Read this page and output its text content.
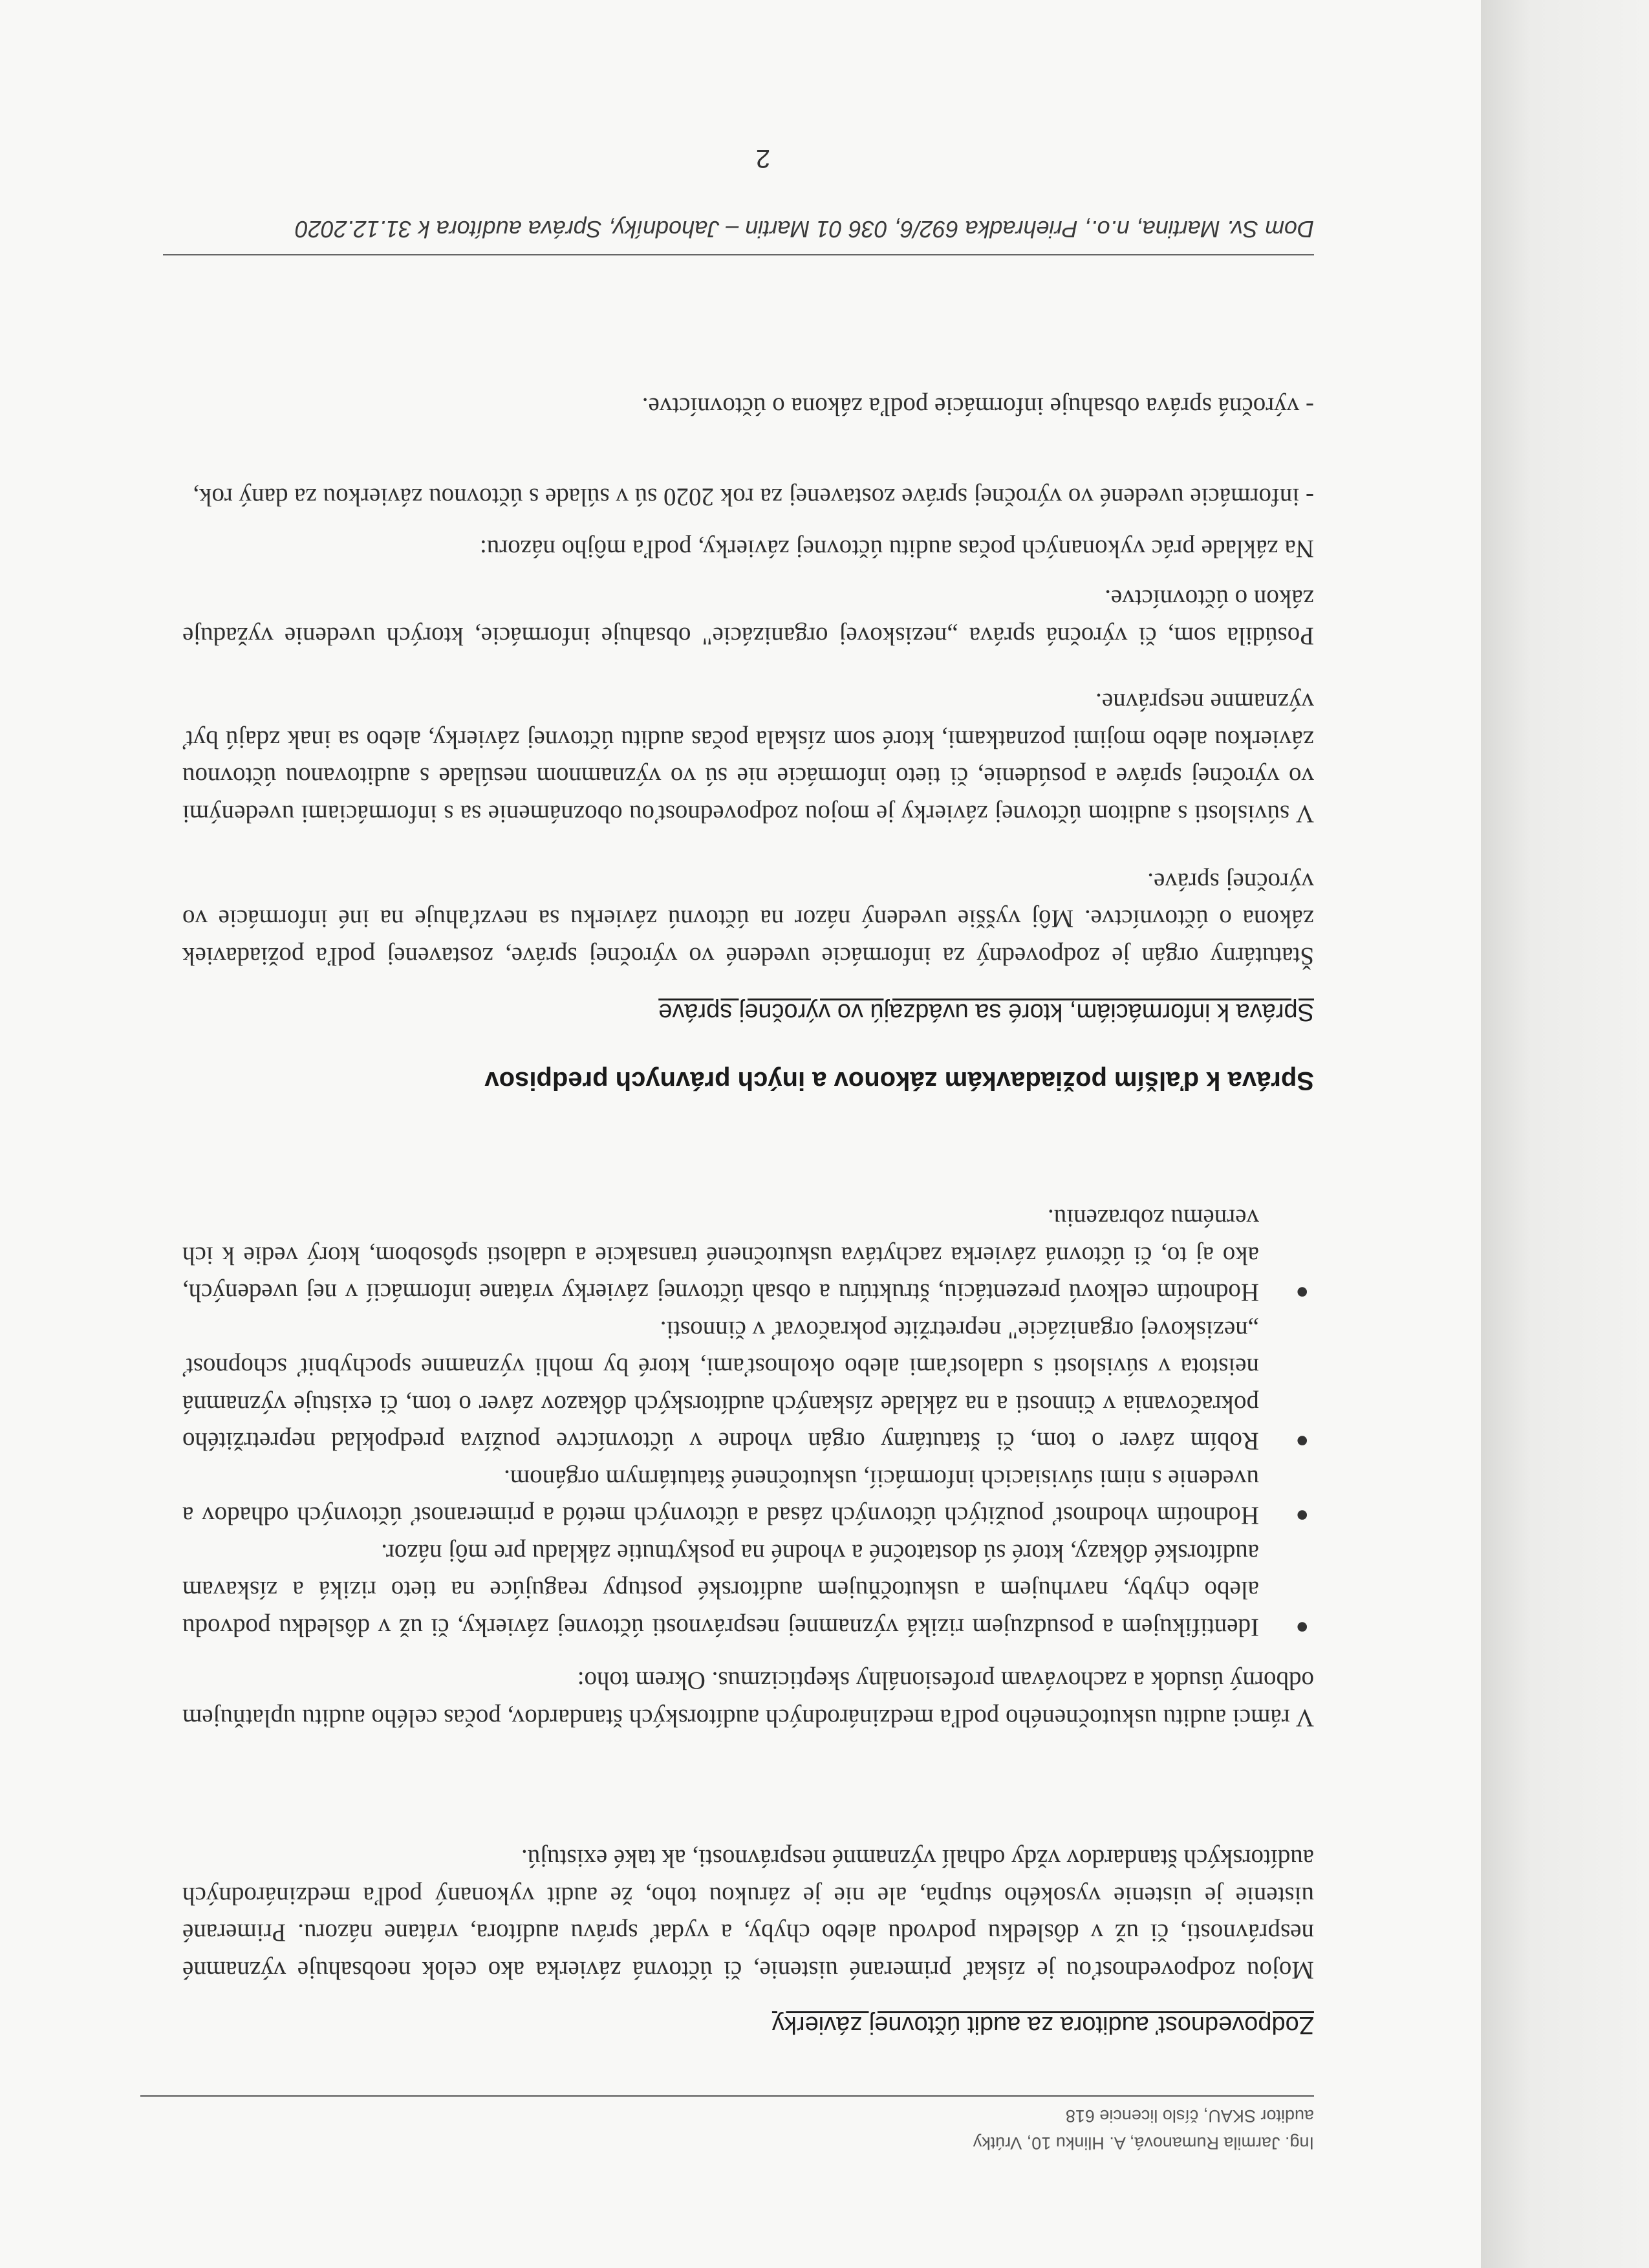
Ing. Jarmila Rumanová, A. Hlinku 10, Vrútky
auditor SKAU, číslo licencie 618
Zodpovednosť auditora za audit účtovnej závierky
Mojou zodpovednosťou je získať primerané uistenie, či účtovná závierka ako celok neobsahuje významné nesprávnosti, či už v dôsledku podvodu alebo chyby, a vydať správu audítora, vrátane názoru. Primerané uistenie je uistenie vysokého stupňa, ale nie je zárukou toho, že audit vykonaný podľa medzinárodných audítorských štandardov vždy odhalí významné nesprávnosti, ak také existujú.
V rámci auditu uskutočneného podľa medzinárodných audítorských štandardov, počas celého auditu uplatňujem odborný úsudok a zachovávam profesionálny skepticizmus. Okrem toho:
●
Identifikujem a posudzujem riziká významnej nesprávnosti účtovnej závierky, či už v dôsledku podvodu alebo chyby, navrhujem a uskutočňujem audítorské postupy reagujúce na tieto riziká a získavam audítorské dôkazy, ktoré sú dostatočné a vhodné na poskytnutie základu pre môj názor.
●
Hodnotím vhodnosť použitých účtovných zásad a účtovných metód a primeranosť účtovných odhadov a uvedenie s nimi súvisiacich informácií, uskutočnené štatutárnym orgánom.
●
Robím záver o tom, či štatutárny orgán vhodne v účtovníctve používa predpoklad nepretržitého pokračovania v činnosti a na základe získaných audítorských dôkazov záver o tom, či existuje významná neistota v súvislosti s udalosťami alebo okolnosťami, ktoré by mohli významne spochybniť schopnosť „neziskovej organizácie" nepretržite pokračovať v činnosti.
●
Hodnotím celkovú prezentáciu, štruktúru a obsah účtovnej závierky vrátane informácií v nej uvedených, ako aj to, či účtovná závierka zachytáva uskutočnené transakcie a udalosti spôsobom, ktorý vedie k ich vernému zobrazeniu.
Správa k ďalším požiadavkám zákonov a iných právnych predpisov
Správa k informáciám, ktoré sa uvádzajú vo výročnej správe
Štatutárny orgán je zodpovedný za informácie uvedené vo výročnej správe, zostavenej podľa požiadaviek zákona o účtovníctve. Môj vyššie uvedený názor na účtovnú závierku sa nevzťahuje na iné informácie vo výročnej správe.
V súvislosti s auditom účtovnej závierky je mojou zodpovednosťou oboznámenie sa s informáciami uvedenými vo výročnej správe a posúdenie, či tieto informácie nie sú vo významnom nesúlade s auditovanou účtovnou závierkou alebo mojimi poznatkami, ktoré som získala počas auditu účtovnej závierky, alebo sa inak zdajú byť významne nesprávne.
Posúdila som, či výročná správa „neziskovej organizácie" obsahuje informácie, ktorých uvedenie vyžaduje zákon o účtovníctve.
Na základe prác vykonaných počas auditu účtovnej závierky, podľa môjho názoru:
- informácie uvedené vo výročnej správe zostavenej za rok 2020 sú v súlade s účtovnou závierkou za daný rok,
- výročná správa obsahuje informácie podľa zákona o účtovníctve.
Dom Sv. Martina, n.o., Priehradka 692/6, 036 01 Martin – Jahodníky, Správa audítora k 31.12.2020
2
